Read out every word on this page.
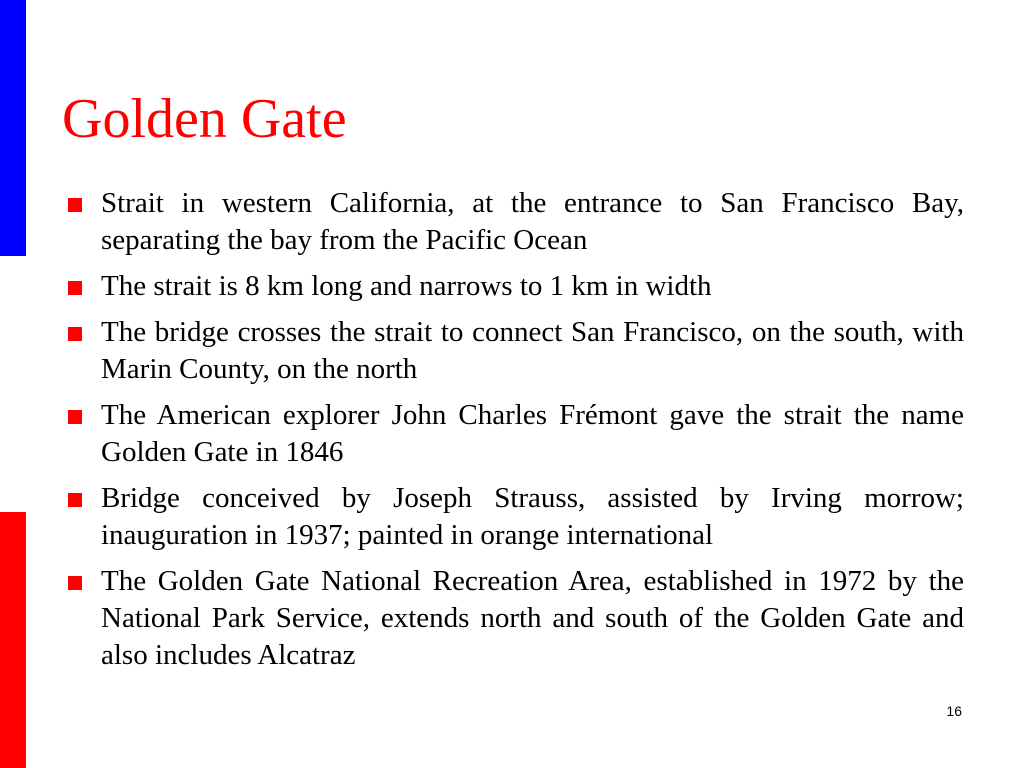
Golden Gate
Strait in western California, at the entrance to San Francisco Bay, separating the bay from the Pacific Ocean
The strait is 8 km long and narrows to 1 km in width
The bridge crosses the strait to connect San Francisco, on the south, with Marin County, on the north
The American explorer John Charles Frémont gave the strait the name Golden Gate in 1846
Bridge conceived by Joseph Strauss, assisted by Irving morrow; inauguration in 1937; painted in orange international
The Golden Gate National Recreation Area, established in 1972 by the National Park Service, extends north and south of the Golden Gate and also includes Alcatraz
16
